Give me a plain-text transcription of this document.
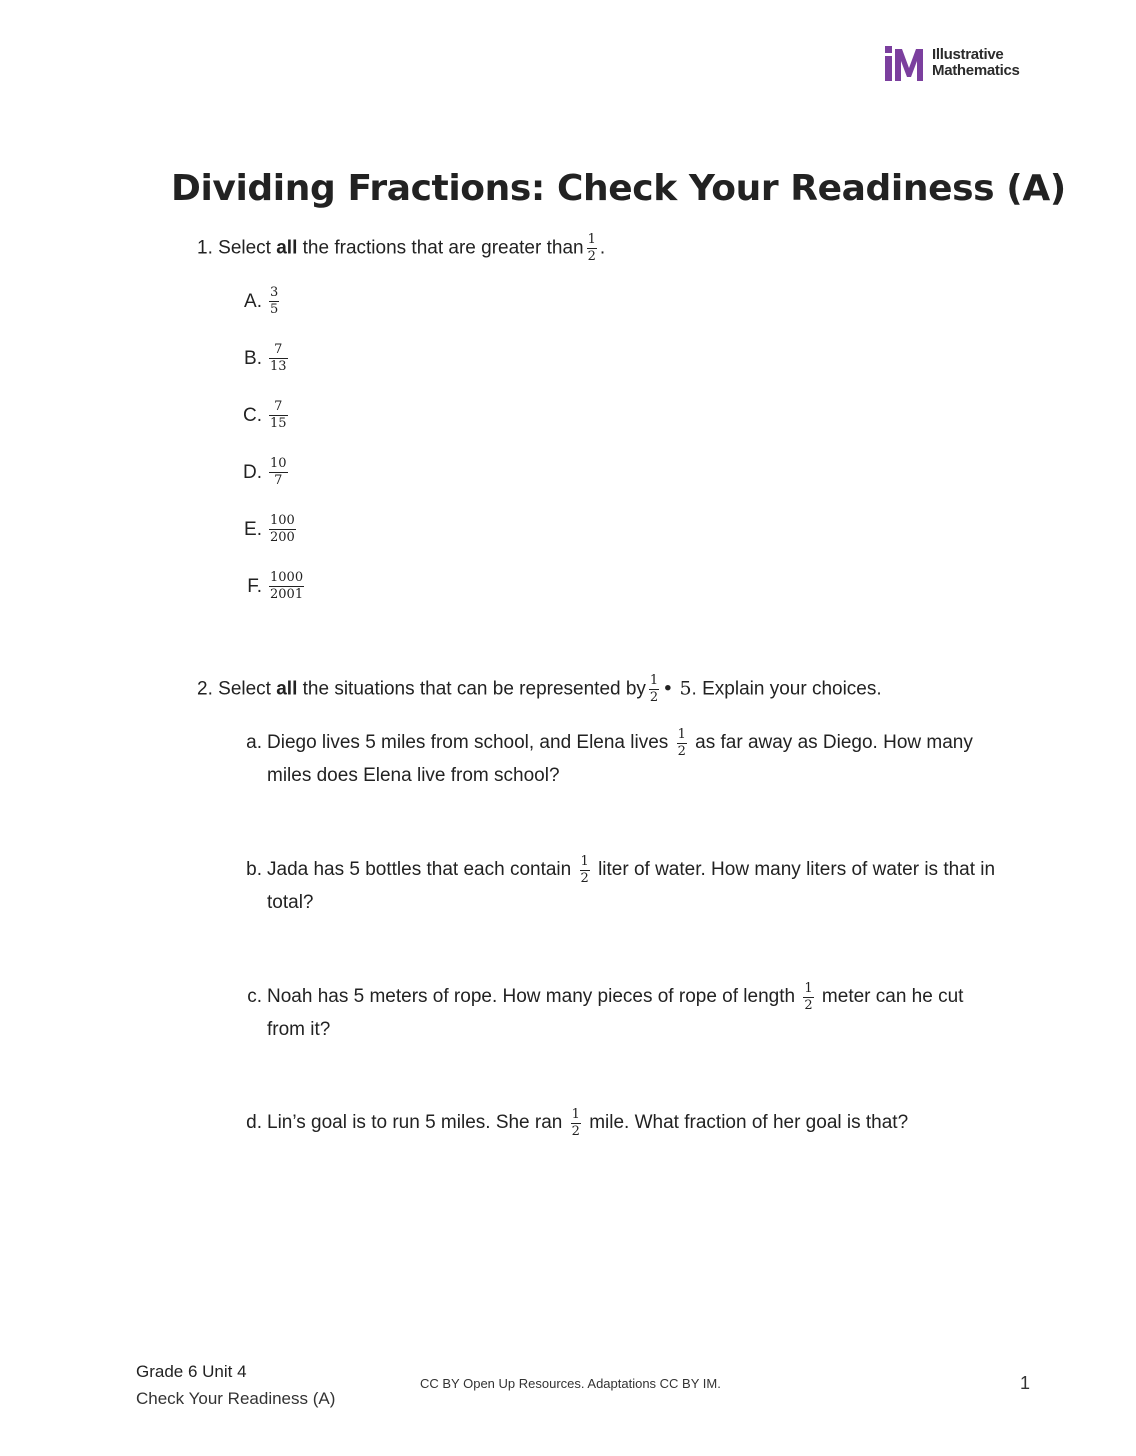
Illustrative
Mathematics
Dividing Fractions: Check Your Readiness (A)
1. Select all the fractions that are greater than $\frac{1}{2}$ .
A. $\frac{3}{5}$
B. $\frac{7}{13}$
C. $\frac{7}{15}$
D. $\frac{10}{7}$
E. $\frac{100}{200}$
F. $\frac{1000}{2001}$
2. Select all the situations that can be represented by $\frac{1}{2}$ • 5. Explain your choices.
a. Diego lives 5 miles from school, and Elena lives $\frac{1}{2}$ as far away as Diego. How many miles does Elena live from school?
b. Jada has 5 bottles that each contain $\frac{1}{2}$ liter of water. How many liters of water is that in total?
c. Noah has 5 meters of rope. How many pieces of rope of length $\frac{1}{2}$ meter can he cut from it?
d. Lin’s goal is to run 5 miles. She ran $\frac{1}{2}$ mile. What fraction of her goal is that?
Grade 6 Unit 4
Check Your Readiness (A)
CC BY Open Up Resources. Adaptations CC BY IM.	1
